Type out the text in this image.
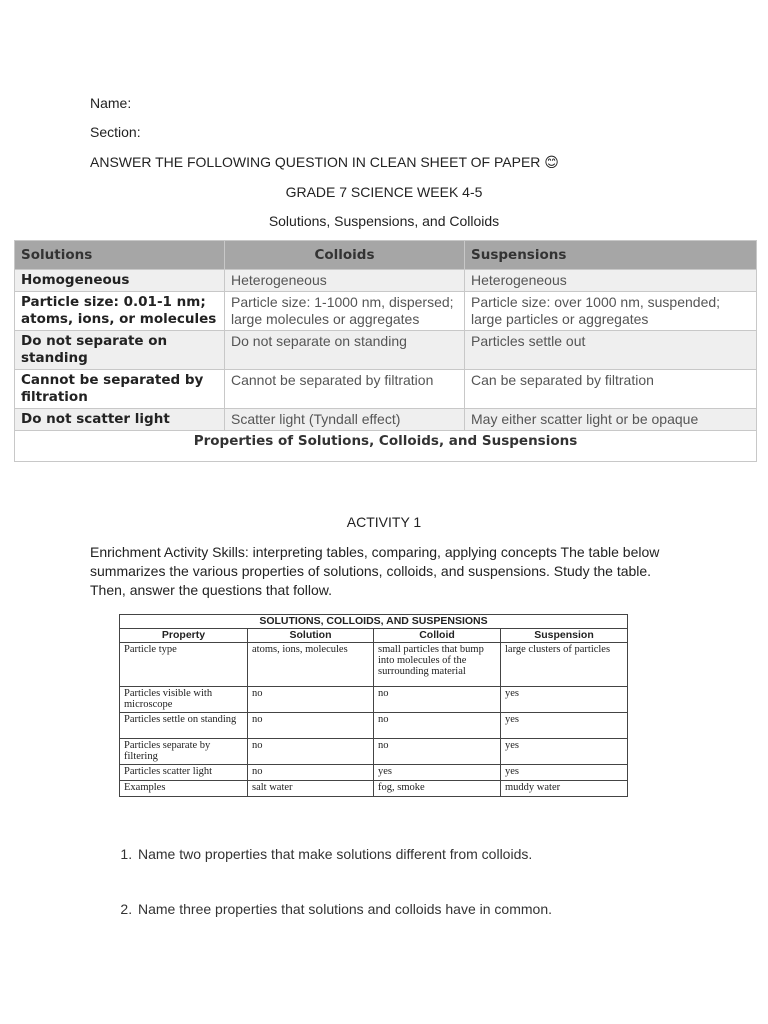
Name:
Section:
ANSWER THE FOLLOWING QUESTION IN CLEAN SHEET OF PAPER 😊
GRADE 7 SCIENCE WEEK 4-5
Solutions, Suspensions, and Colloids
Solutions	Colloids	Suspensions
Homogeneous	Heterogeneous	Heterogeneous
Particle size: 0.01-1 nm; atoms, ions, or molecules	Particle size: 1-1000 nm, dispersed; large molecules or aggregates	Particle size: over 1000 nm, suspended; large particles or aggregates
Do not separate on standing	Do not separate on standing	Particles settle out
Cannot be separated by filtration	Cannot be separated by filtration	Can be separated by filtration
Do not scatter light	Scatter light (Tyndall effect)	May either scatter light or be opaque
Properties of Solutions, Colloids, and Suspensions		
ACTIVITY 1
Enrichment Activity Skills: interpreting tables, comparing, applying concepts The table below summarizes the various properties of solutions, colloids, and suspensions. Study the table. Then, answer the questions that follow.
SOLUTIONS, COLLOIDS, AND SUSPENSIONS			
Property	Solution	Colloid	Suspension
Particle type	atoms, ions, molecules	small particles that bump into molecules of the surrounding material	large clusters of particles
Particles visible with microscope	no	no	yes
Particles settle on standing	no	no	yes
Particles separate by filtering	no	no	yes
Particles scatter light	no	yes	yes
Examples	salt water	fog, smoke	muddy water
1. Name two properties that make solutions different from colloids.
2. Name three properties that solutions and colloids have in common.
